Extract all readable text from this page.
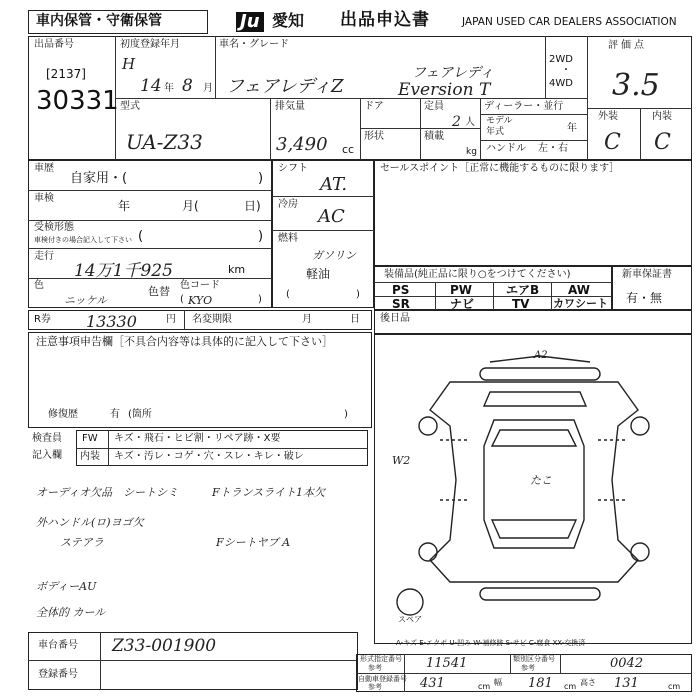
車内保管・守衛保管	Ju 愛知 出品申込書	JAPAN USED CAR DEALERS ASSOCIATION
出品番号
[2137]
30331
初度登録年月
H
14 年 8 月
車名・グレード
フェアレディZ
フェアレディ
Eversion T
2WD
・
4WD
評価点
3.5
外装	内装
C C
型式
UA-Z33
排気量
3,490 cc
ドア	定員
2 人
形状	積載
kg
ディーラー・並行
モデル
年式	年
ハンドル 左・右
車歴
自家用・(	)
車検
年	月(	日)
受検形態
車検付きの場合記入して下さい (	)
走行
14万1千925	km
色
ニッケル
色替 色コード
( KYO	)
シフト
AT.
冷房
AC
燃料
ガソリン
軽油
(	)
セールスポイント［正常に機能するものに限ります］
装備品(純正品に限り○をつけてください)
PS	PW	エアB AW
SR	ナビ	TV カワシート
新車保証書
有・無
R券 13330	円 名変期限	月	日 後日品
注意事項申告欄［不具合内容等は具体的に記入して下さい］
修復歴	有 (箇所	)
検査員
記入欄
FW
内装
キズ・飛石・ヒビ割・リペア跡・X要
キズ・汚レ・コゲ・穴・スレ・キレ・破レ
オーディオ欠品　シートシミ	Fトランスライト1本欠
外ハンドル(ロ)ヨゴ欠
ステアラ	Fシートヤブ A
ボディーAU
全体的 カール
A2
W2
たこ
スペア
A-キズ E-エクボ U-凹み W-補修跡 S-サビ C-腐食 XX-交換済
車台番号 Z33-001900
登録番号
形式指定番号
参考	11541	類別区分番号
参考	0042
自動車登録番号
参考	431	cm 幅 181 cm 高さ 131	cm
